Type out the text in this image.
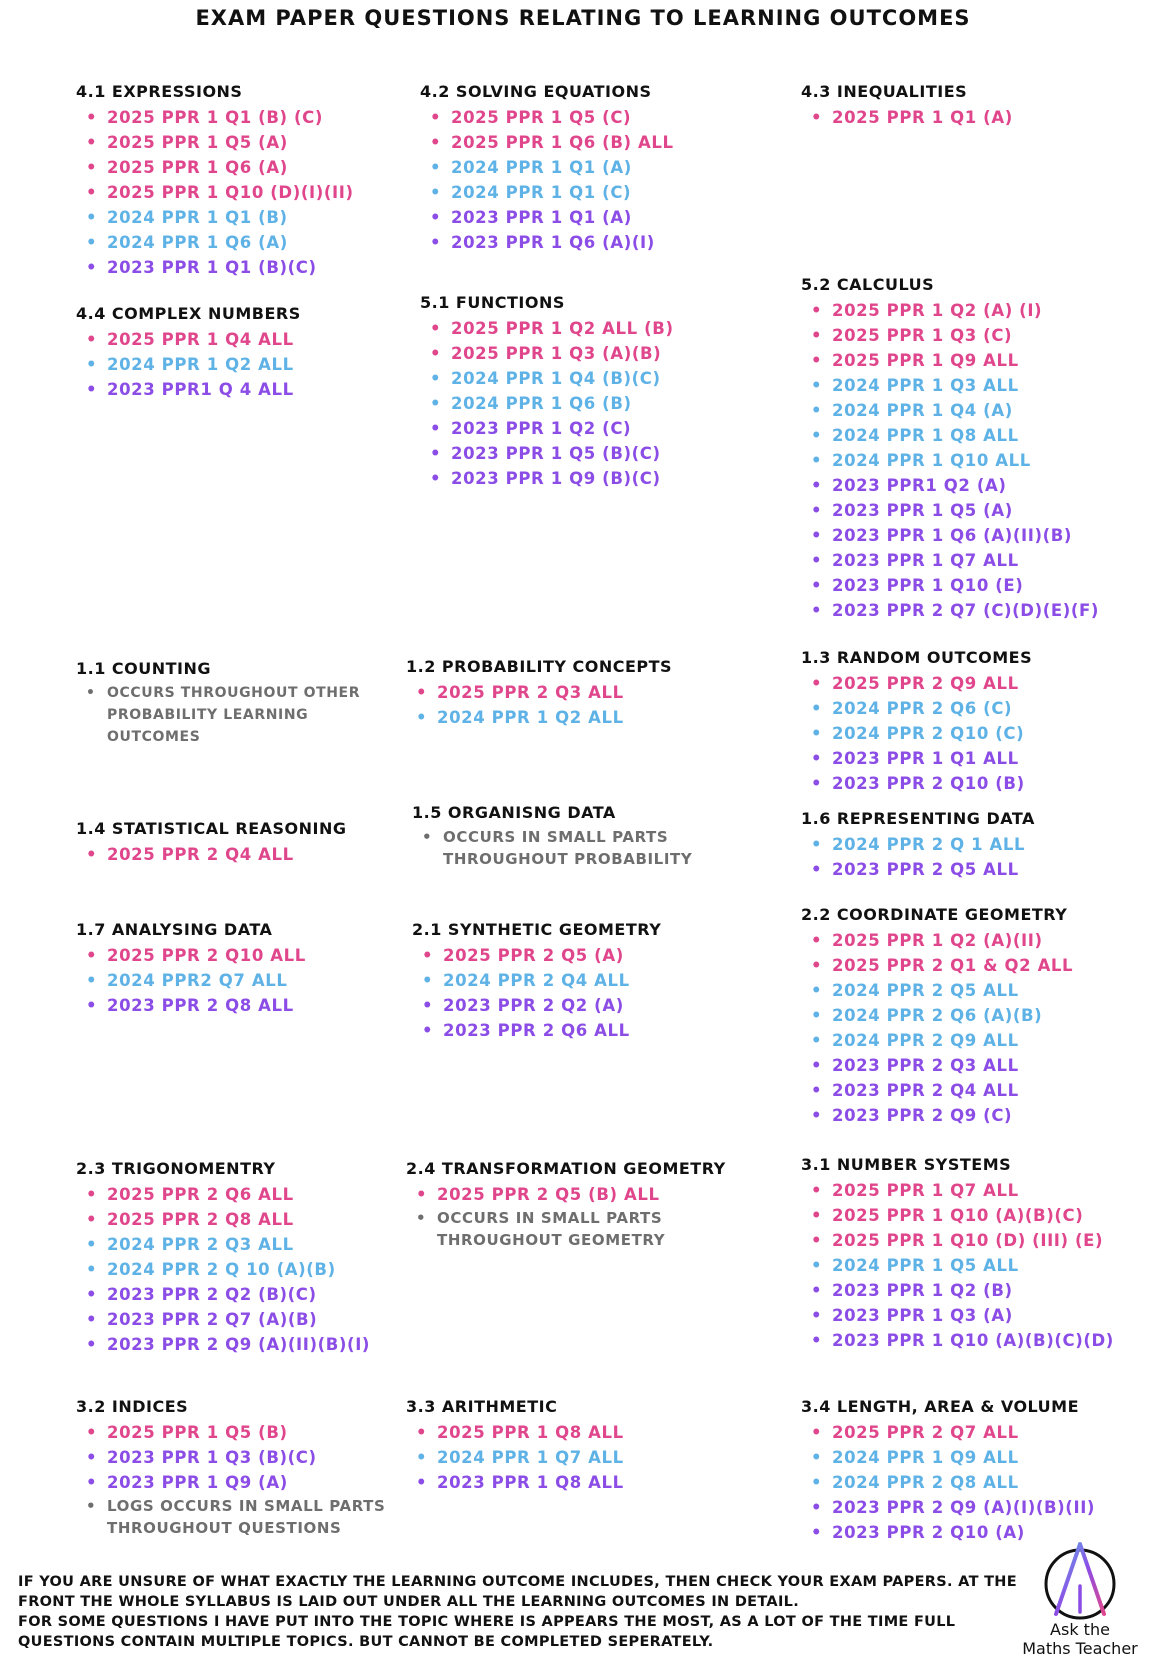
EXAM PAPER QUESTIONS RELATING TO LEARNING OUTCOMES
4.1 EXPRESSIONS
• 2025 PPR 1 Q1 (B) (C)
• 2025 PPR 1 Q5 (A)
• 2025 PPR 1 Q6 (A)
• 2025 PPR 1 Q10 (D)(I)(II)
• 2024 PPR 1 Q1 (B)
• 2024 PPR 1 Q6 (A)
• 2023 PPR 1 Q1 (B)(C)
4.2 SOLVING EQUATIONS
• 2025 PPR 1 Q5 (C)
• 2025 PPR 1 Q6 (B) ALL
• 2024 PPR 1 Q1 (A)
• 2024 PPR 1 Q1 (C)
• 2023 PPR 1 Q1 (A)
• 2023 PPR 1 Q6 (A)(I)
4.3 INEQUALITIES
• 2025 PPR 1 Q1 (A)
4.4 COMPLEX NUMBERS
• 2025 PPR 1 Q4 ALL
• 2024 PPR 1 Q2 ALL
• 2023 PPR1 Q 4 ALL
5.1 FUNCTIONS
• 2025 PPR 1 Q2 ALL (B)
• 2025 PPR 1 Q3 (A)(B)
• 2024 PPR 1 Q4 (B)(C)
• 2024 PPR 1 Q6 (B)
• 2023 PPR 1 Q2 (C)
• 2023 PPR 1 Q5 (B)(C)
• 2023 PPR 1 Q9 (B)(C)
5.2 CALCULUS
• 2025 PPR 1 Q2 (A) (I)
• 2025 PPR 1 Q3 (C)
• 2025 PPR 1 Q9 ALL
• 2024 PPR 1 Q3 ALL
• 2024 PPR 1 Q4 (A)
• 2024 PPR 1 Q8 ALL
• 2024 PPR 1 Q10 ALL
• 2023 PPR1 Q2 (A)
• 2023 PPR 1 Q5 (A)
• 2023 PPR 1 Q6 (A)(II)(B)
• 2023 PPR 1 Q7 ALL
• 2023 PPR 1 Q10 (E)
• 2023 PPR 2 Q7 (C)(D)(E)(F)
1.1 COUNTING
• OCCURS THROUGHOUT OTHER PROBABILITY LEARNING OUTCOMES
1.2 PROBABILITY CONCEPTS
• 2025 PPR 2 Q3 ALL
• 2024 PPR 1 Q2 ALL
1.3 RANDOM OUTCOMES
• 2025 PPR 2 Q9 ALL
• 2024 PPR 2 Q6 (C)
• 2024 PPR 2 Q10 (C)
• 2023 PPR 1 Q1 ALL
• 2023 PPR 2 Q10 (B)
1.4 STATISTICAL REASONING
• 2025 PPR 2 Q4 ALL
1.5 ORGANISNG DATA
• OCCURS IN SMALL PARTS THROUGHOUT PROBABILITY
1.6 REPRESENTING DATA
• 2024 PPR 2 Q 1 ALL
• 2023 PPR 2 Q5 ALL
1.7 ANALYSING DATA
• 2025 PPR 2 Q10 ALL
• 2024 PPR2 Q7 ALL
• 2023 PPR 2 Q8 ALL
2.1 SYNTHETIC GEOMETRY
• 2025 PPR 2 Q5 (A)
• 2024 PPR 2 Q4 ALL
• 2023 PPR 2 Q2 (A)
• 2023 PPR 2 Q6 ALL
2.2 COORDINATE GEOMETRY
• 2025 PPR 1 Q2 (A)(II)
• 2025 PPR 2 Q1 & Q2 ALL
• 2024 PPR 2 Q5 ALL
• 2024 PPR 2 Q6 (A)(B)
• 2024 PPR 2 Q9 ALL
• 2023 PPR 2 Q3 ALL
• 2023 PPR 2 Q4 ALL
• 2023 PPR 2 Q9 (C)
2.3 TRIGONOMENTRY
• 2025 PPR 2 Q6 ALL
• 2025 PPR 2 Q8 ALL
• 2024 PPR 2 Q3 ALL
• 2024 PPR 2 Q 10 (A)(B)
• 2023 PPR 2 Q2 (B)(C)
• 2023 PPR 2 Q7 (A)(B)
• 2023 PPR 2 Q9 (A)(II)(B)(I)
2.4 TRANSFORMATION GEOMETRY
• 2025 PPR 2 Q5 (B) ALL
• OCCURS IN SMALL PARTS THROUGHOUT GEOMETRY
3.1 NUMBER SYSTEMS
• 2025 PPR 1 Q7 ALL
• 2025 PPR 1 Q10 (A)(B)(C)
• 2025 PPR 1 Q10 (D) (III) (E)
• 2024 PPR 1 Q5 ALL
• 2023 PPR 1 Q2 (B)
• 2023 PPR 1 Q3 (A)
• 2023 PPR 1 Q10 (A)(B)(C)(D)
3.2 INDICES
• 2025 PPR 1 Q5 (B)
• 2023 PPR 1 Q3 (B)(C)
• 2023 PPR 1 Q9 (A)
• LOGS OCCURS IN SMALL PARTS THROUGHOUT QUESTIONS
3.3 ARITHMETIC
• 2025 PPR 1 Q8 ALL
• 2024 PPR 1 Q7 ALL
• 2023 PPR 1 Q8 ALL
3.4 LENGTH, AREA & VOLUME
• 2025 PPR 2 Q7 ALL
• 2024 PPR 1 Q9 ALL
• 2024 PPR 2 Q8 ALL
• 2023 PPR 2 Q9 (A)(I)(B)(II)
• 2023 PPR 2 Q10 (A)

IF YOU ARE UNSURE OF WHAT EXACTLY THE LEARNING OUTCOME INCLUDES, THEN CHECK YOUR EXAM PAPERS. AT THE FRONT THE WHOLE SYLLABUS IS LAID OUT UNDER ALL THE LEARNING OUTCOMES IN DETAIL.

FOR SOME QUESTIONS I HAVE PUT INTO THE TOPIC WHERE IS APPEARS THE MOST, AS A LOT OF THE TIME FULL QUESTIONS CONTAIN MULTIPLE TOPICS. BUT CANNOT BE COMPLETED SEPERATELY.

Ask the
Maths Teacher
